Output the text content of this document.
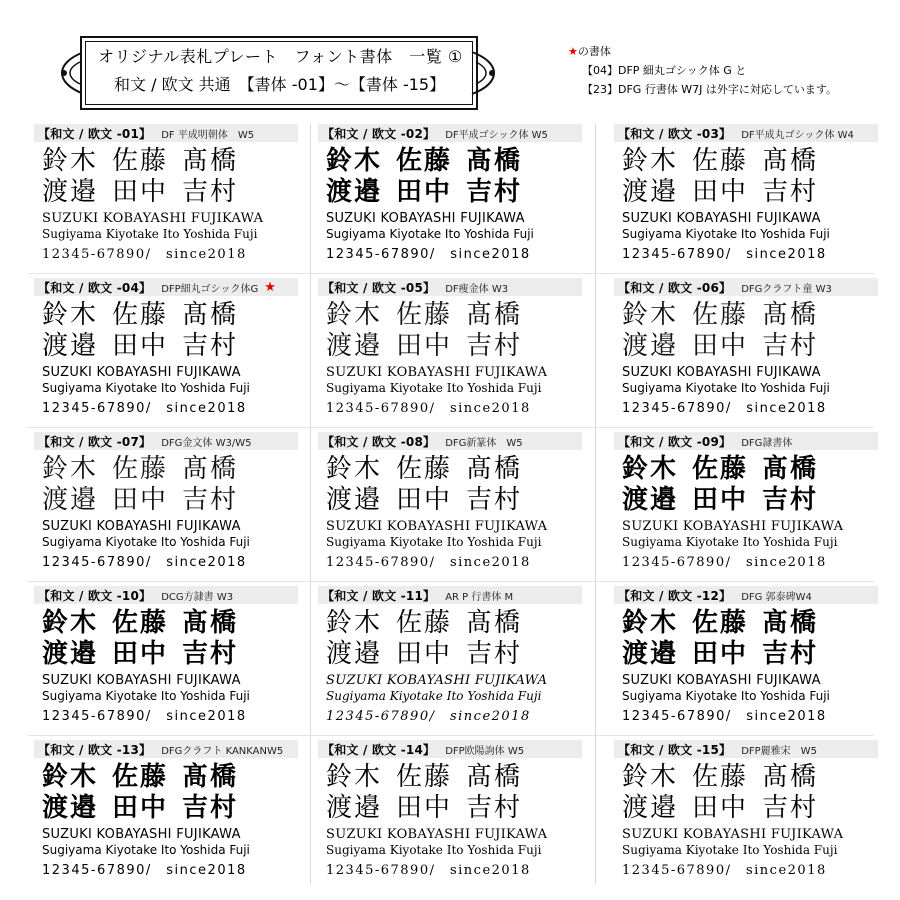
オリジナル表札プレート　フォント書体　一覧 ①
和文 / 欧文 共通　【書体 -01】～【書体 -15】
★の書体
【04】DFP 細丸ゴシック体 G と
【23】DFG 行書体 W7J は外字に対応しています。
【和文 / 欧文 -01】 DF 平成明朝体　W5
鈴木 佐藤 髙橋
渡邉 田中 吉村
SUZUKI KOBAYASHI FUJIKAWA
Sugiyama Kiyotake Ito Yoshida Fuji
12345-67890/　since2018
【和文 / 欧文 -02】 DF平成ゴシック体 W5
鈴木 佐藤 髙橋
渡邉 田中 吉村
SUZUKI KOBAYASHI FUJIKAWA
Sugiyama Kiyotake Ito Yoshida Fuji
12345-67890/　since2018
【和文 / 欧文 -03】 DF平成丸ゴシック体 W4
鈴木 佐藤 髙橋
渡邉 田中 吉村
SUZUKI KOBAYASHI FUJIKAWA
Sugiyama Kiyotake Ito Yoshida Fuji
12345-67890/　since2018
【和文 / 欧文 -04】 DFP細丸ゴシック体G ★
鈴木 佐藤 髙橋
渡邉 田中 吉村
SUZUKI KOBAYASHI FUJIKAWA
Sugiyama Kiyotake Ito Yoshida Fuji
12345-67890/　since2018
【和文 / 欧文 -05】 DF痩金体 W3
鈴木 佐藤 髙橋
渡邉 田中 吉村
SUZUKI KOBAYASHI FUJIKAWA
Sugiyama Kiyotake Ito Yoshida Fuji
12345-67890/　since2018
【和文 / 欧文 -06】 DFGクラフト童 W3
鈴木 佐藤 髙橋
渡邉 田中 吉村
SUZUKI KOBAYASHI FUJIKAWA
Sugiyama Kiyotake Ito Yoshida Fuji
12345-67890/　since2018
【和文 / 欧文 -07】 DFG金文体 W3/W5
鈴木 佐藤 髙橋
渡邉 田中 吉村
SUZUKI KOBAYASHI FUJIKAWA
Sugiyama Kiyotake Ito Yoshida Fuji
12345-67890/　since2018
【和文 / 欧文 -08】 DFG新篆体　W5
鈴木 佐藤 髙橋
渡邉 田中 吉村
SUZUKI KOBAYASHI FUJIKAWA
Sugiyama Kiyotake Ito Yoshida Fuji
12345-67890/　since2018
【和文 / 欧文 -09】 DFG隷書体
鈴木 佐藤 髙橋
渡邉 田中 吉村
SUZUKI KOBAYASHI FUJIKAWA
Sugiyama Kiyotake Ito Yoshida Fuji
12345-67890/　since2018
【和文 / 欧文 -10】 DCG方隷書 W3
鈴木 佐藤 髙橋
渡邉 田中 吉村
SUZUKI KOBAYASHI FUJIKAWA
Sugiyama Kiyotake Ito Yoshida Fuji
12345-67890/　since2018
【和文 / 欧文 -11】 AR P 行書体 M
鈴木 佐藤 髙橋
渡邉 田中 吉村
SUZUKI KOBAYASHI FUJIKAWA
Sugiyama Kiyotake Ito Yoshida Fuji
12345-67890/　since2018
【和文 / 欧文 -12】 DFG 郭泰碑W4
鈴木 佐藤 髙橋
渡邉 田中 吉村
SUZUKI KOBAYASHI FUJIKAWA
Sugiyama Kiyotake Ito Yoshida Fuji
12345-67890/　since2018
【和文 / 欧文 -13】 DFGクラフト KANKANW5
鈴木 佐藤 髙橋
渡邉 田中 吉村
SUZUKI KOBAYASHI FUJIKAWA
Sugiyama Kiyotake Ito Yoshida Fuji
12345-67890/　since2018
【和文 / 欧文 -14】 DFP欧陽詢体 W5
鈴木 佐藤 髙橋
渡邉 田中 吉村
SUZUKI KOBAYASHI FUJIKAWA
Sugiyama Kiyotake Ito Yoshida Fuji
12345-67890/　since2018
【和文 / 欧文 -15】 DFP麗雅宋　W5
鈴木 佐藤 髙橋
渡邉 田中 吉村
SUZUKI KOBAYASHI FUJIKAWA
Sugiyama Kiyotake Ito Yoshida Fuji
12345-67890/　since2018
